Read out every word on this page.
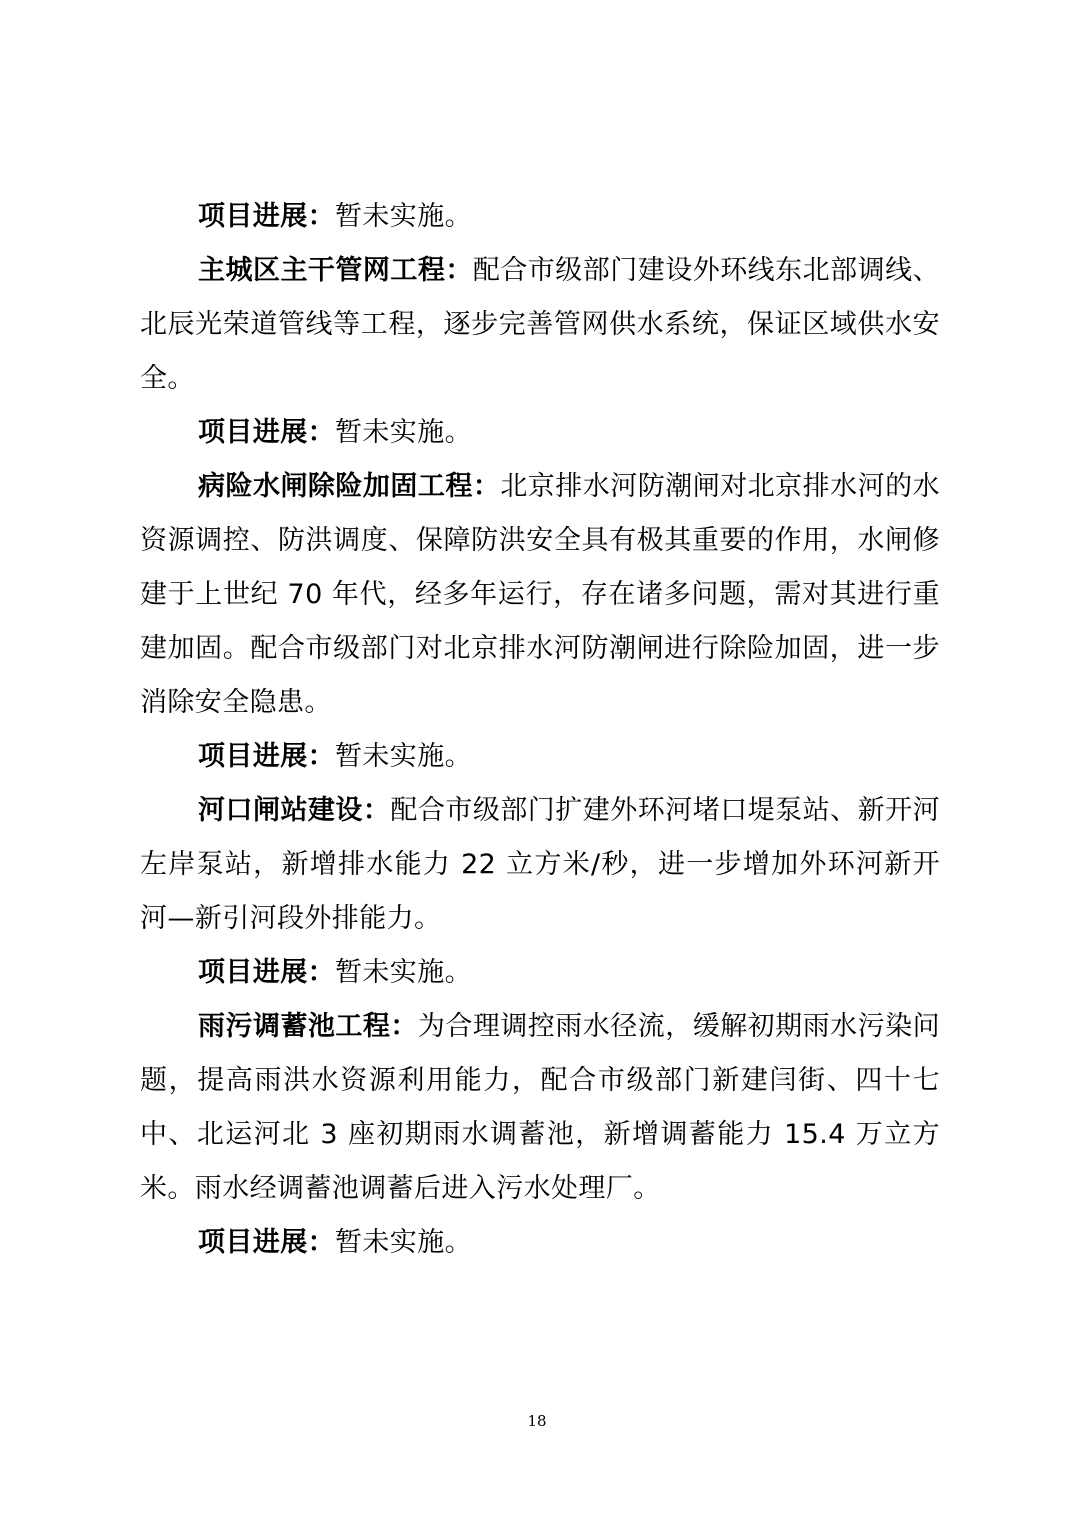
项目进展：暂未实施。

主城区主干管网工程：配合市级部门建设外环线东北部调线、北辰光荣道管线等工程，逐步完善管网供水系统，保证区域供水安全。

项目进展：暂未实施。

病险水闸除险加固工程：北京排水河防潮闸对北京排水河的水资源调控、防洪调度、保障防洪安全具有极其重要的作用，水闸修建于上世纪 70 年代，经多年运行，存在诸多问题，需对其进行重建加固。配合市级部门对北京排水河防潮闸进行除险加固，进一步消除安全隐患。

项目进展：暂未实施。

河口闸站建设：配合市级部门扩建外环河堵口堤泵站、新开河左岸泵站，新增排水能力 22 立方米/秒，进一步增加外环河新开河—新引河段外排能力。

项目进展：暂未实施。

雨污调蓄池工程：为合理调控雨水径流，缓解初期雨水污染问题，提高雨洪水资源利用能力，配合市级部门新建闫街、四十七中、北运河北 3 座初期雨水调蓄池，新增调蓄能力 15.4 万立方米。雨水经调蓄池调蓄后进入污水处理厂。

项目进展：暂未实施。

18
